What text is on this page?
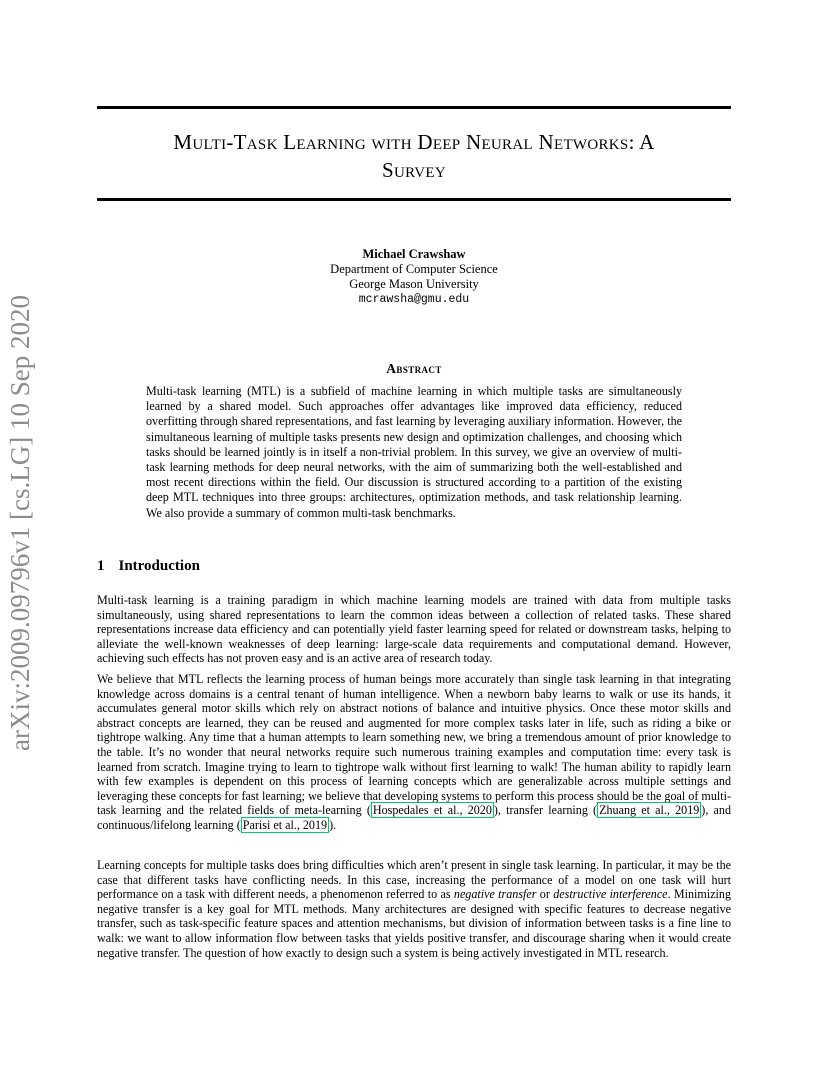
Multi-Task Learning with Deep Neural Networks: A
Survey
Michael Crawshaw
Department of Computer Science
George Mason University
mcrawsha@gmu.edu
arXiv:2009.09796v1 [cs.LG] 10 Sep 2020	Abstract
Multi-task learning (MTL) is a subfield of machine learning in which multiple tasks are simultaneously learned by a shared model. Such approaches offer advantages like improved data efficiency, reduced overfitting through shared representations, and fast learning by leveraging auxiliary information. However, the simultaneous learning of multiple tasks presents new design and optimization challenges, and choosing which tasks should be learned jointly is in itself a non-trivial problem. In this survey, we give an overview of multi-task learning methods for deep neural networks, with the aim of summarizing both the well-established and most recent directions within the field. Our discussion is structured according to a partition of the existing deep MTL techniques into three groups: architectures, optimization methods, and task relationship learning. We also provide a summary of common multi-task benchmarks.
1 Introduction
Multi-task learning is a training paradigm in which machine learning models are trained with data from multiple tasks simultaneously, using shared representations to learn the common ideas between a collection of related tasks. These shared representations increase data efficiency and can potentially yield faster learning speed for related or downstream tasks, helping to alleviate the well-known weaknesses of deep learning: large-scale data requirements and computational demand. However, achieving such effects has not proven easy and is an active area of research today.
We believe that MTL reflects the learning process of human beings more accurately than single task learning in that integrating knowledge across domains is a central tenant of human intelligence. When a newborn baby learns to walk or use its hands, it accumulates general motor skills which rely on abstract notions of balance and intuitive physics. Once these motor skills and abstract concepts are learned, they can be reused and augmented for more complex tasks later in life, such as riding a bike or tightrope walking. Any time that a human attempts to learn something new, we bring a tremendous amount of prior knowledge to the table. It’s no wonder that neural networks require such numerous training examples and computation time: every task is learned from scratch. Imagine trying to learn to tightrope walk without first learning to walk! The human ability to rapidly learn with few examples is dependent on this process of learning concepts which are generalizable across multiple settings and leveraging these concepts for fast learning; we believe that developing systems to perform this process should be the goal of multi-task learning and the related fields of meta-learning ( Hospedales et al., 2020 ), transfer learning ( Zhuang et al., 2019 ), and continuous/lifelong learning ( Parisi et al., 2019 ).
Learning concepts for multiple tasks does bring difficulties which aren’t present in single task learning. In particular, it may be the case that different tasks have conflicting needs. In this case, increasing the performance of a model on one task will hurt performance on a task with different needs, a phenomenon referred to as negative transfer or destructive interference. Minimizing negative transfer is a key goal for MTL methods. Many architectures are designed with specific features to decrease negative transfer, such as task-specific feature spaces and attention mechanisms, but division of information between tasks is a fine line to walk: we want to allow information flow between tasks that yields positive transfer, and discourage sharing when it would create negative transfer. The question of how exactly to design such a system is being actively investigated in MTL research.
